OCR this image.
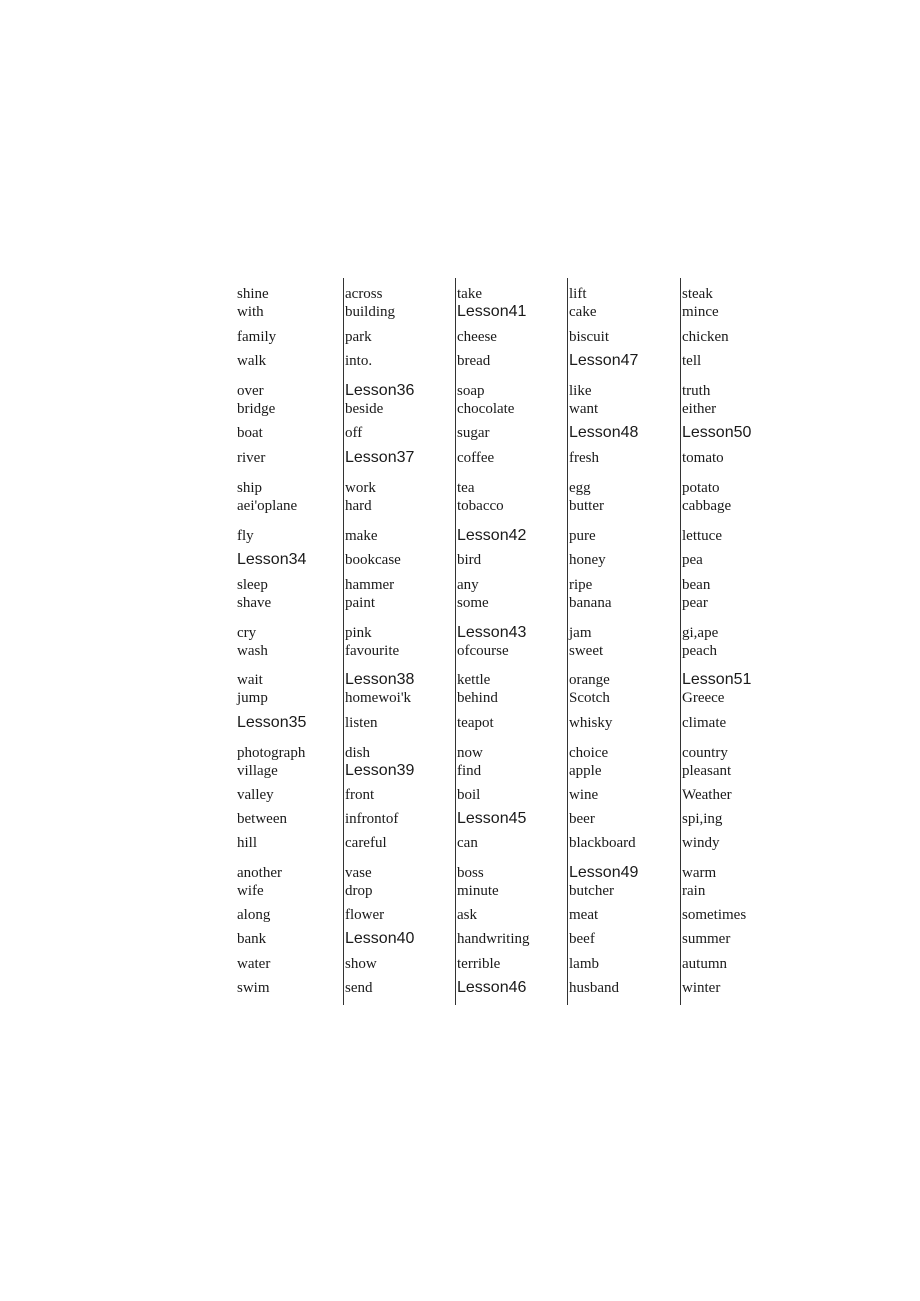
shine
with
family
walk
over
bridge
boat
river
ship
aei'oplane
fly
Lesson34
sleep
shave
cry
wash
wait
jump
Lesson35
photograph
village
valley
between
hill
another
wife
along
bank
water
swim
across
building
park
into.
Lesson36
beside
off
Lesson37
work
hard
make
bookcase
hammer
paint
pink
favourite
Lesson38
homewoi'k
listen
dish
Lesson39
front
infrontof
careful
vase
drop
flower
Lesson40
show
send
take
Lesson41
cheese
bread
soap
chocolate
sugar
coffee
tea
tobacco
Lesson42
bird
any
some
Lesson43
ofcourse
kettle
behind
teapot
now
find
boil
Lesson45
can
boss
minute
ask
handwriting
terrible
Lesson46
lift
cake
biscuit
Lesson47
like
want
Lesson48
fresh
egg
butter
pure
honey
ripe
banana
jam
sweet
orange
Scotch
whisky
choice
apple
wine
beer
blackboard
Lesson49
butcher
meat
beef
lamb
husband
steak
mince
chicken
tell
truth
either
Lesson50
tomato
potato
cabbage
lettuce
pea
bean
pear
gi,ape
peach
Lesson51
Greece
climate
country
pleasant
Weather
spi,ing
windy
warm
rain
sometimes
summer
autumn
winter
